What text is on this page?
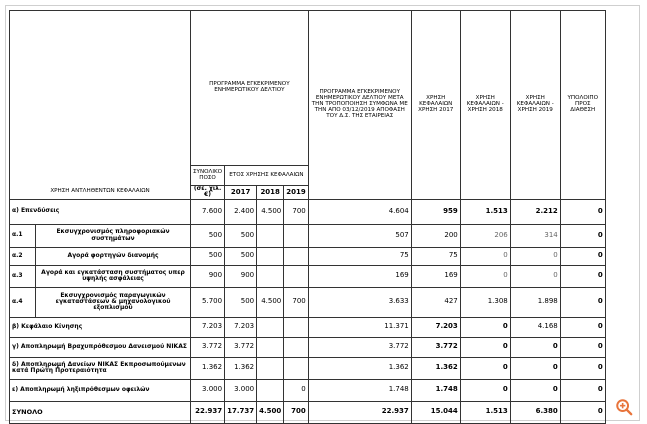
ΧΡΗΣΗ ΑΝΤΛΗΘΕΝΤΩΝ ΚΕΦΑΛΑΙΩΝ		ΠΡΟΓΡΑΜΜΑ ΕΓΚΕΚΡΙΜΕΝΟΥ ΕΝΗΜΕΡΩΤΙΚΟΥ ΔΕΛΤΙΟΥ				ΠΡΟΓΡΑΜΜΑ ΕΓΚΕΚΡΙΜΕΝΟΥ ΕΝΗΜΕΡΩΤΙΚΟΥ ΔΕΛΤΙΟΥ ΜΕΤΑ ΤΗΝ ΤΡΟΠΟΠΟΙΗΣΗ ΣΥΜΦΩΝΑ ΜΕ ΤΗΝ ΑΠΟ 03/12/2019 ΑΠΟΦΑΣΗ ΤΟΥ Δ.Σ. ΤΗΣ ΕΤΑΙΡΕΙΑΣ	ΧΡΗΣΗ ΚΕΦΑΛΑΙΩΝ ΧΡΗΣΗ 2017	ΧΡΗΣΗ ΚΕΦΑΛΑΙΩΝ - ΧΡΗΣΗ 2018	ΧΡΗΣΗ ΚΕΦΑΛΑΙΩΝ - ΧΡΗΣΗ 2019	ΥΠΟΛΟΙΠΟ ΠΡΟΣ ΔΙΑΘΕΣΗ
		ΣΥΝΟΛΙΚΟ
ΠΟΣΟ	ΕΤΟΣ ΧΡΗΣΗΣ ΚΕΦΑΛΑΙΩΝ							
		(σε. χιλ. €)	2017	2018	2019					
α) Επενδύσεις		7.600	2.400	4.500	700	4.604	959	1.513	2.212	0
α.1	Εκσυγχρονισμός πληροφοριακών συστημάτων	500	500			507	200	206	314	0
α.2	Αγορά φορτηγών διανομής	500	500			75	75	0	0	0
α.3	Αγορά και εγκατάσταση συστήματος υπερ υψηλής ασφάλειας	900	900			169	169	0	0	0
α.4	Εκσυγχρονισμός παραγωγικών εγκαταστάσεων & μηχανολογικού εξοπλισμού	5.700	500	4.500	700	3.633	427	1.308	1.898	0
β) Κεφάλαιο Κίνησης		7.203	7.203			11.371	7.203	0	4.168	0
γ) Αποπληρωμή Βραχυπρόθεσμου Δανεισμού ΝΙΚΑΣ		3.772	3.772			3.772	3.772	0	0	0
δ) Αποπληρωμή Δανείων ΝΙΚΑΣ Εκπροσωπούμενων κατά Πρώτη Προτεραιότητα		1.362	1.362			1.362	1.362	0	0	0
ε) Αποπληρωμή ληξιπρόθεσμων οφειλών		3.000	3.000		0	1.748	1.748	0	0	0
ΣΥΝΟΛΟ		22.937	17.737	4.500	700	22.937	15.044	1.513	6.380	0
